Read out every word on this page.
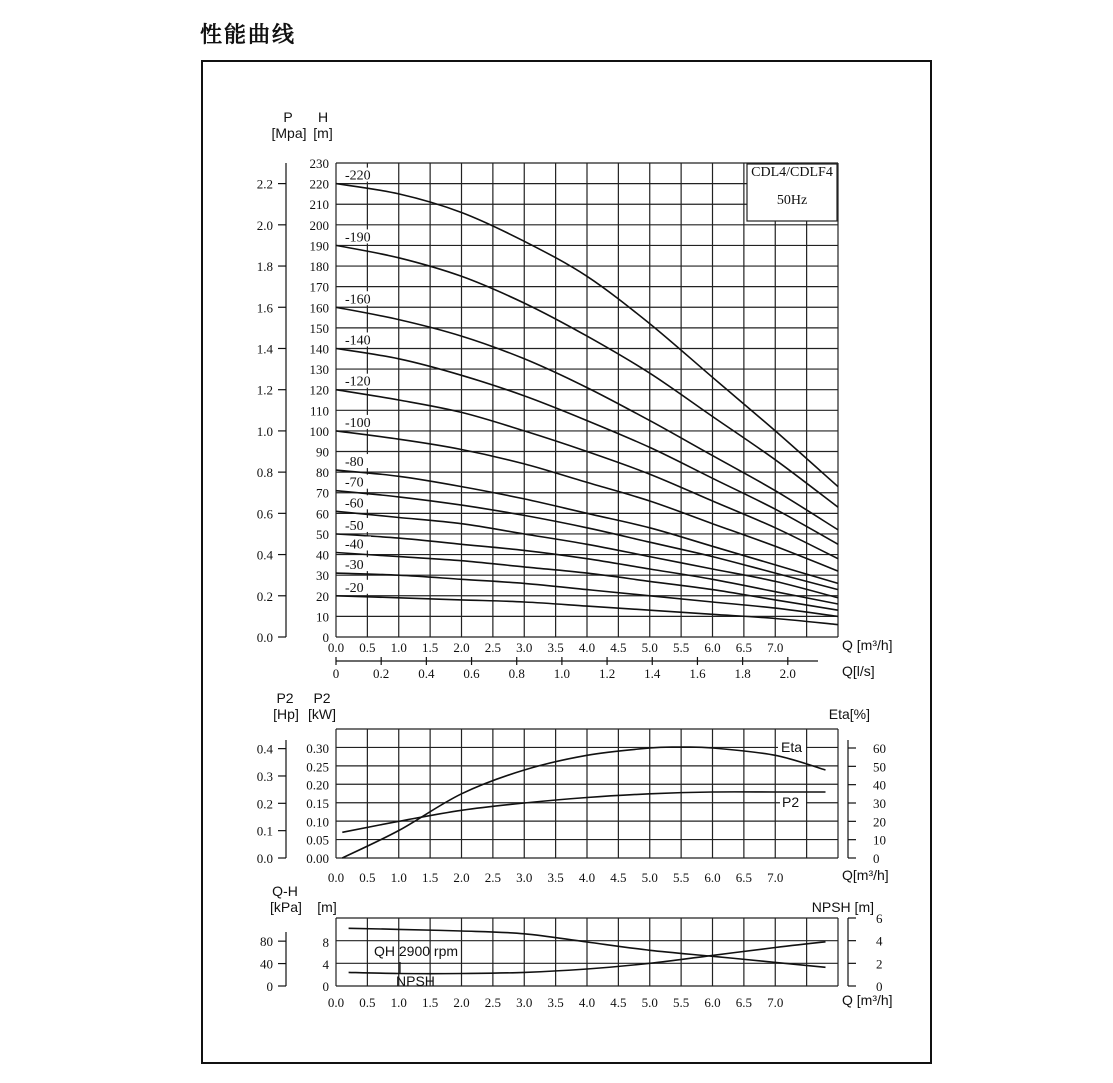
性能曲线
CDL4/CDLF4
50Hz
0
10
20
30
40
50
60
70
80
90
100
110
120
130
140
150
160
170
180
190
200
210
220
230
0.0
0.2
0.4
0.6
0.8
1.0
1.2
1.4
1.6
1.8
2.0
2.2
P
[Mpa]
H
[m]
0.0 0.5 1.0 1.5 2.0 2.5 3.0 3.5 4.0 4.5 5.0 5.5 6.0 6.5 7.0	Q [m³/h]
0	0.2 0.4 0.6 0.8 1.0 1.2 1.4 1.6 1.8 2.0	Q[l/s]
-220
-190
-160
-140
-120
-100
-80
-70
-60
-50
-40
-30
-20
0.00
0.05
0.10
0.15
0.20
0.25
0.30
0.0
0.1
0.2
0.3
0.4
0
10
20
30
40
50
60
P2
[Hp]
P2
[kW]	Eta[%]
0.0 0.5 1.0 1.5 2.0 2.5 3.0 3.5 4.0 4.5 5.0 5.5 6.0 6.5 7.0	Q[m³/h]
Eta
P2
0
4
8
0
40
80
0
2
4
6
Q-H
[kPa] [m]	NPSH [m]
0.0 0.5 1.0 1.5 2.0 2.5 3.0 3.5 4.0 4.5 5.0 5.5 6.0 6.5 7.0	Q [m³/h]
QH 2900 rpm
NPSH
